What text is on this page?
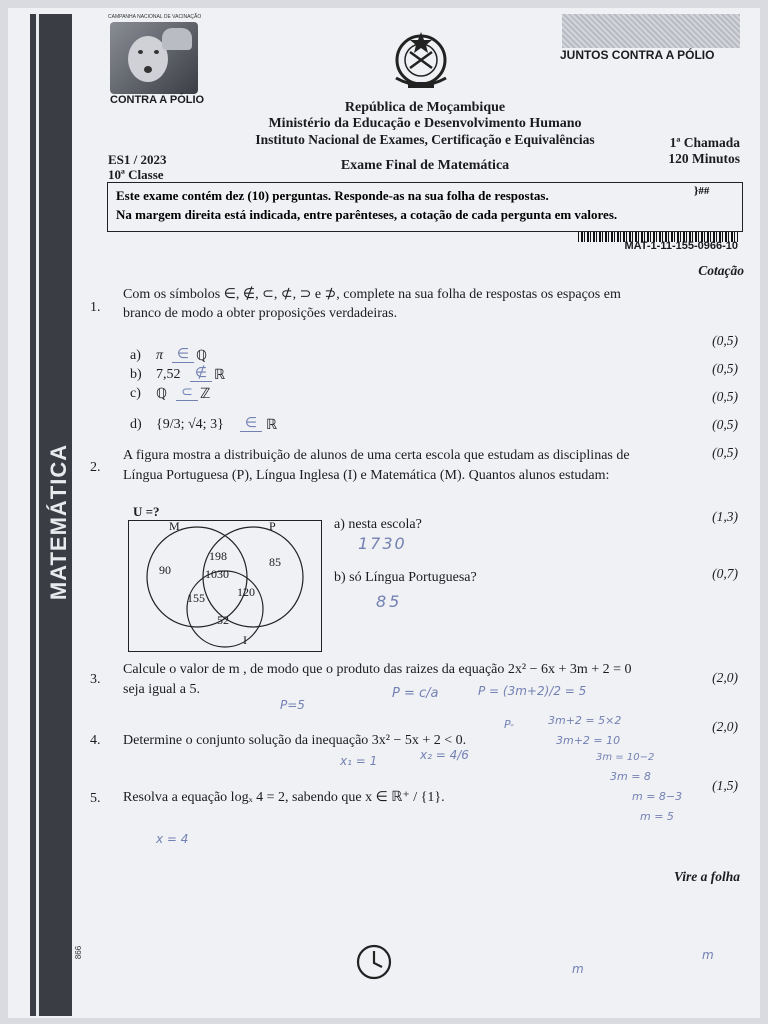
MATEMÁTICA
866
CAMPANHA NACIONAL DE VACINAÇÃO
CONTRA A PÓLIO
JUNTOS CONTRA A PÓLIO
República de Moçambique
Ministério da Educação e Desenvolvimento Humano
Instituto Nacional de Exames, Certificação e Equivalências
Exame Final de Matemática
ES1 / 2023
10ª Classe
1ª Chamada
120 Minutos
Este exame contém dez (10) perguntas. Responde-as na sua folha de respostas.
Na margem direita está indicada, entre parênteses, a cotação de cada pergunta em valores.
}##
MAT-1-11-155-0966-10
Cotação
1.
Com os símbolos ∈, ∉, ⊂, ⊄, ⊃ e ⊅, complete na sua folha de respostas os espaços em
branco de modo a obter proposições verdadeiras.
(0,5)
a) π ∈ ℚ
(0,5)
b) 7,52	∉ ℝ
(0,5)
c) ℚ	⊂ ℤ
(0,5)
d) {9/3; √4; 3}	∈ ℝ
(0,5)
2.
A figura mostra a distribuição de alunos de uma certa escola que estudam as disciplinas de
Língua Portuguesa (P), Língua Inglesa (I) e Matemática (M). Quantos alunos estudam:
U =?
M	P
I
90
198
1030
85
155	120
52
a) nesta escola?
(1,3)
1730
b) só Língua Portuguesa?	(0,7)
85
3.
Calcule o valor de m , de modo que o produto das raizes da equação 2x² − 6x + 3m + 2 = 0
seja igual a 5.
(2,0)
4. Determine o conjunto solução da inequação 3x² − 5x + 2 < 0.
(2,0)
5. Resolva a equação logₓ 4 = 2, sabendo que x ∈ ℝ⁺ / {1}.
(1,5)
P=5
P = c/a	P = (3m+2)/2 = 5
P-	3m+2 = 5×2
3m+2 = 10
3m = 10−2
3m = 8
m = 8−3
m = 5
x₁ = 1	x₂ = 4/6
x = 4
m
m
Vire a folha
